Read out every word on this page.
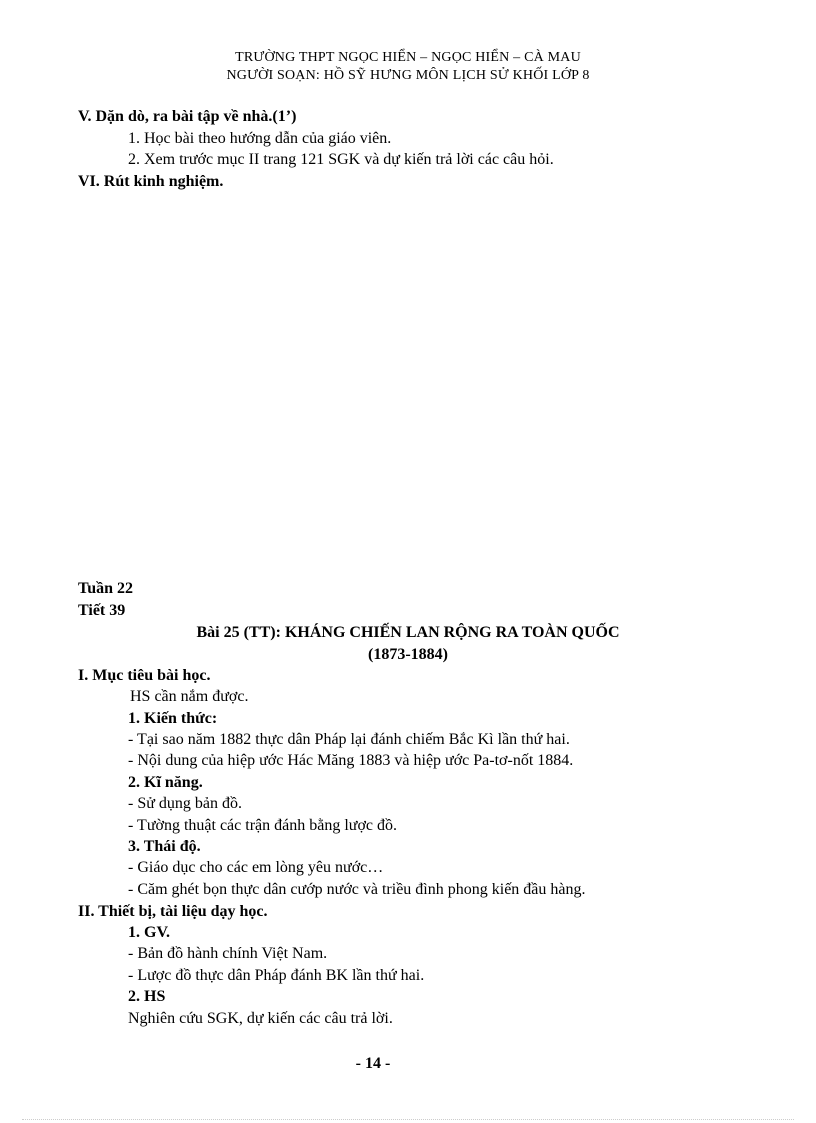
TRƯỜNG THPT NGỌC HIỂN – NGỌC HIỂN – CÀ MAU
NGƯỜI SOẠN: HỒ SỸ HƯNG MÔN LỊCH SỬ KHỐI LỚP 8
V. Dặn dò, ra bài tập về nhà.(1’)
1. Học bài theo hướng dẫn của giáo viên.
2. Xem trước mục II trang 121 SGK và dự kiến trả lời các câu hỏi.
VI. Rút kinh nghiệm.
Tuần 22
Tiết 39
Bài 25 (TT): KHÁNG CHIẾN LAN RỘNG RA TOÀN QUỐC
(1873-1884)
I. Mục tiêu bài học.
HS cần nắm được.
1. Kiến thức:
- Tại sao năm 1882 thực dân Pháp lại đánh chiếm Bắc Kì lần thứ hai.
- Nội dung của hiệp ước Hác Măng 1883 và hiệp ước Pa-tơ-nốt 1884.
2. Kĩ năng.
- Sử dụng bản đồ.
- Tường thuật các trận đánh bằng lược đồ.
3. Thái độ.
- Giáo dục cho các em lòng yêu nước…
- Căm ghét bọn thực dân cướp nước và triều đình phong kiến đầu hàng.
II. Thiết bị, tài liệu dạy học.
1. GV.
- Bản đồ hành chính Việt Nam.
- Lược đồ thực dân Pháp đánh BK lần thứ hai.
2. HS
Nghiên cứu SGK, dự kiến các câu trả lời.
- 14 -
